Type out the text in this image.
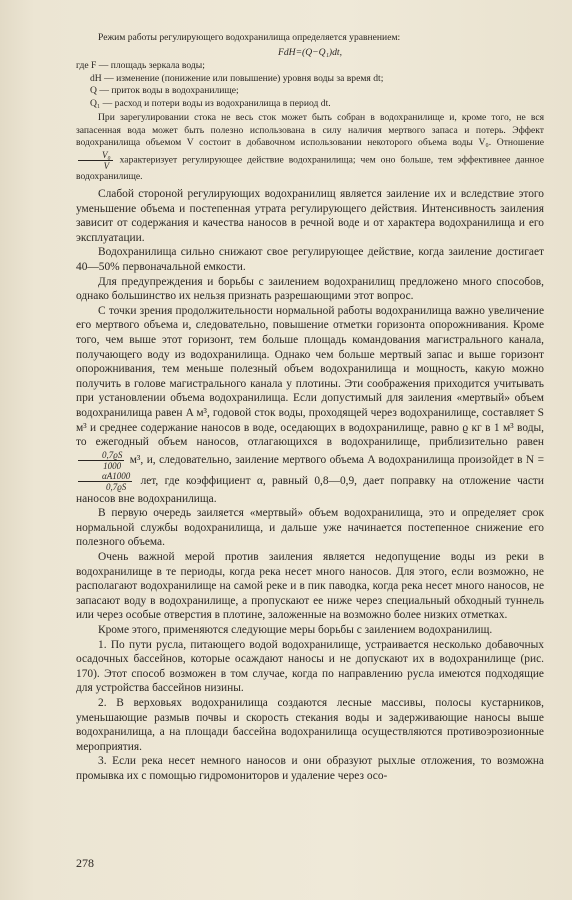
Режим работы регулирующего водохранилища определяется уравнением:

FdH=(Q−Q₁)dt,

где F — площадь зеркала воды;
dH — изменение (понижение или повышение) уровня воды за время dt;
Q — приток воды в водохранилище;
Q₁ — расход и потери воды из водохранилища в период dt.

При зарегулировании стока не весь сток может быть собран в водохранилище и, кроме того, не вся запасенная вода может быть полезно использована в силу наличия мертвого запаса и потерь. Эффект водохранилища объемом V состоит в добавочном использовании некоторого объема воды V₀. Отношение
$\frac{\text{V₀}}{V}$ характеризует регулирующее действие водохранилища; чем оно больше, тем эффективнее данное водохранилище.

Слабой стороной регулирующих водохранилищ является заиление их и вследствие этого уменьшение объема и постепенная утрата регулирующего действия. Интенсивность заиления зависит от содержания и качества наносов в речной воде и от характера водохранилища и его эксплуатации.

Водохранилища сильно снижают свое регулирующее действие, когда заиление достигает 40—50% первоначальной емкости.

Для предупреждения и борьбы с заилением водохранилищ предложено много способов, однако большинство их нельзя признать разрешающими этот вопрос.

С точки зрения продолжительности нормальной работы водохранилища важно увеличение его мертвого объема и, следовательно, повышение отметки горизонта опорожнивания. Кроме того, чем выше этот горизонт, тем больше площадь командования магистрального канала, получающего воду из водохранилища. Однако чем больше мертвый запас и выше горизонт опорожнивания, тем меньше полезный объем водохранилища и мощность, какую можно получить в голове магистрального канала у плотины. Эти соображения приходится учитывать при установлении объема водохранилища. Если допустимый для заиления «мертвый» объем водохранилища равен A м³, годовой сток воды, проходящей через водохранилище, составляет S м³ и среднее содержание наносов в воде, оседающих в водохранилище, равно ϱ кг в 1 м³ воды, то ежегодный объем наносов, отлагающихся в водохранилище, приблизительно равен
$\frac{0,7ϱS}{1000} м^3$, и, следовательно, заиление мертвого объема A водохранилища произойдет в N =
$\frac{\alpha A1000}{0,7ϱS}$ лет, где коэффициент α, равный 0,8—0,9, дает поправку на отложение части наносов вне водохранилища.

В первую очередь заиляется «мертвый» объем водохранилища, это и определяет срок нормальной службы водохранилища, и дальше уже начинается постепенное снижение его полезного объема.

Очень важной мерой против заиления является недопущение воды из реки в водохранилище в те периоды, когда река несет много наносов. Для этого, если возможно, не располагают водохранилище на самой реке и в пик паводка, когда река несет много наносов, не запасают воду в водохранилище, а пропускают ее ниже через специальный обходный туннель или через особые отверстия в плотине, заложенные на возможно более низких отметках.

Кроме этого, применяются следующие меры борьбы с заилением водохранилищ.

1. По пути русла, питающего водой водохранилище, устраивается несколько добавочных осадочных бассейнов, которые осаждают наносы и не допускают их в водохранилище (рис. 170). Этот способ возможен в том случае, когда по направлению русла имеются подходящие для устройства бассейнов низины.

2. В верховьях водохранилища создаются лесные массивы, полосы кустарников, уменьшающие размыв почвы и скорость стекания воды и задерживающие наносы выше водохранилища, а на площади бассейна водохранилища осуществляются противоэрозионные мероприятия.

3. Если река несет немного наносов и они образуют рыхлые отложения, то возможна промывка их с помощью гидромониторов и удаление через осо-

278
